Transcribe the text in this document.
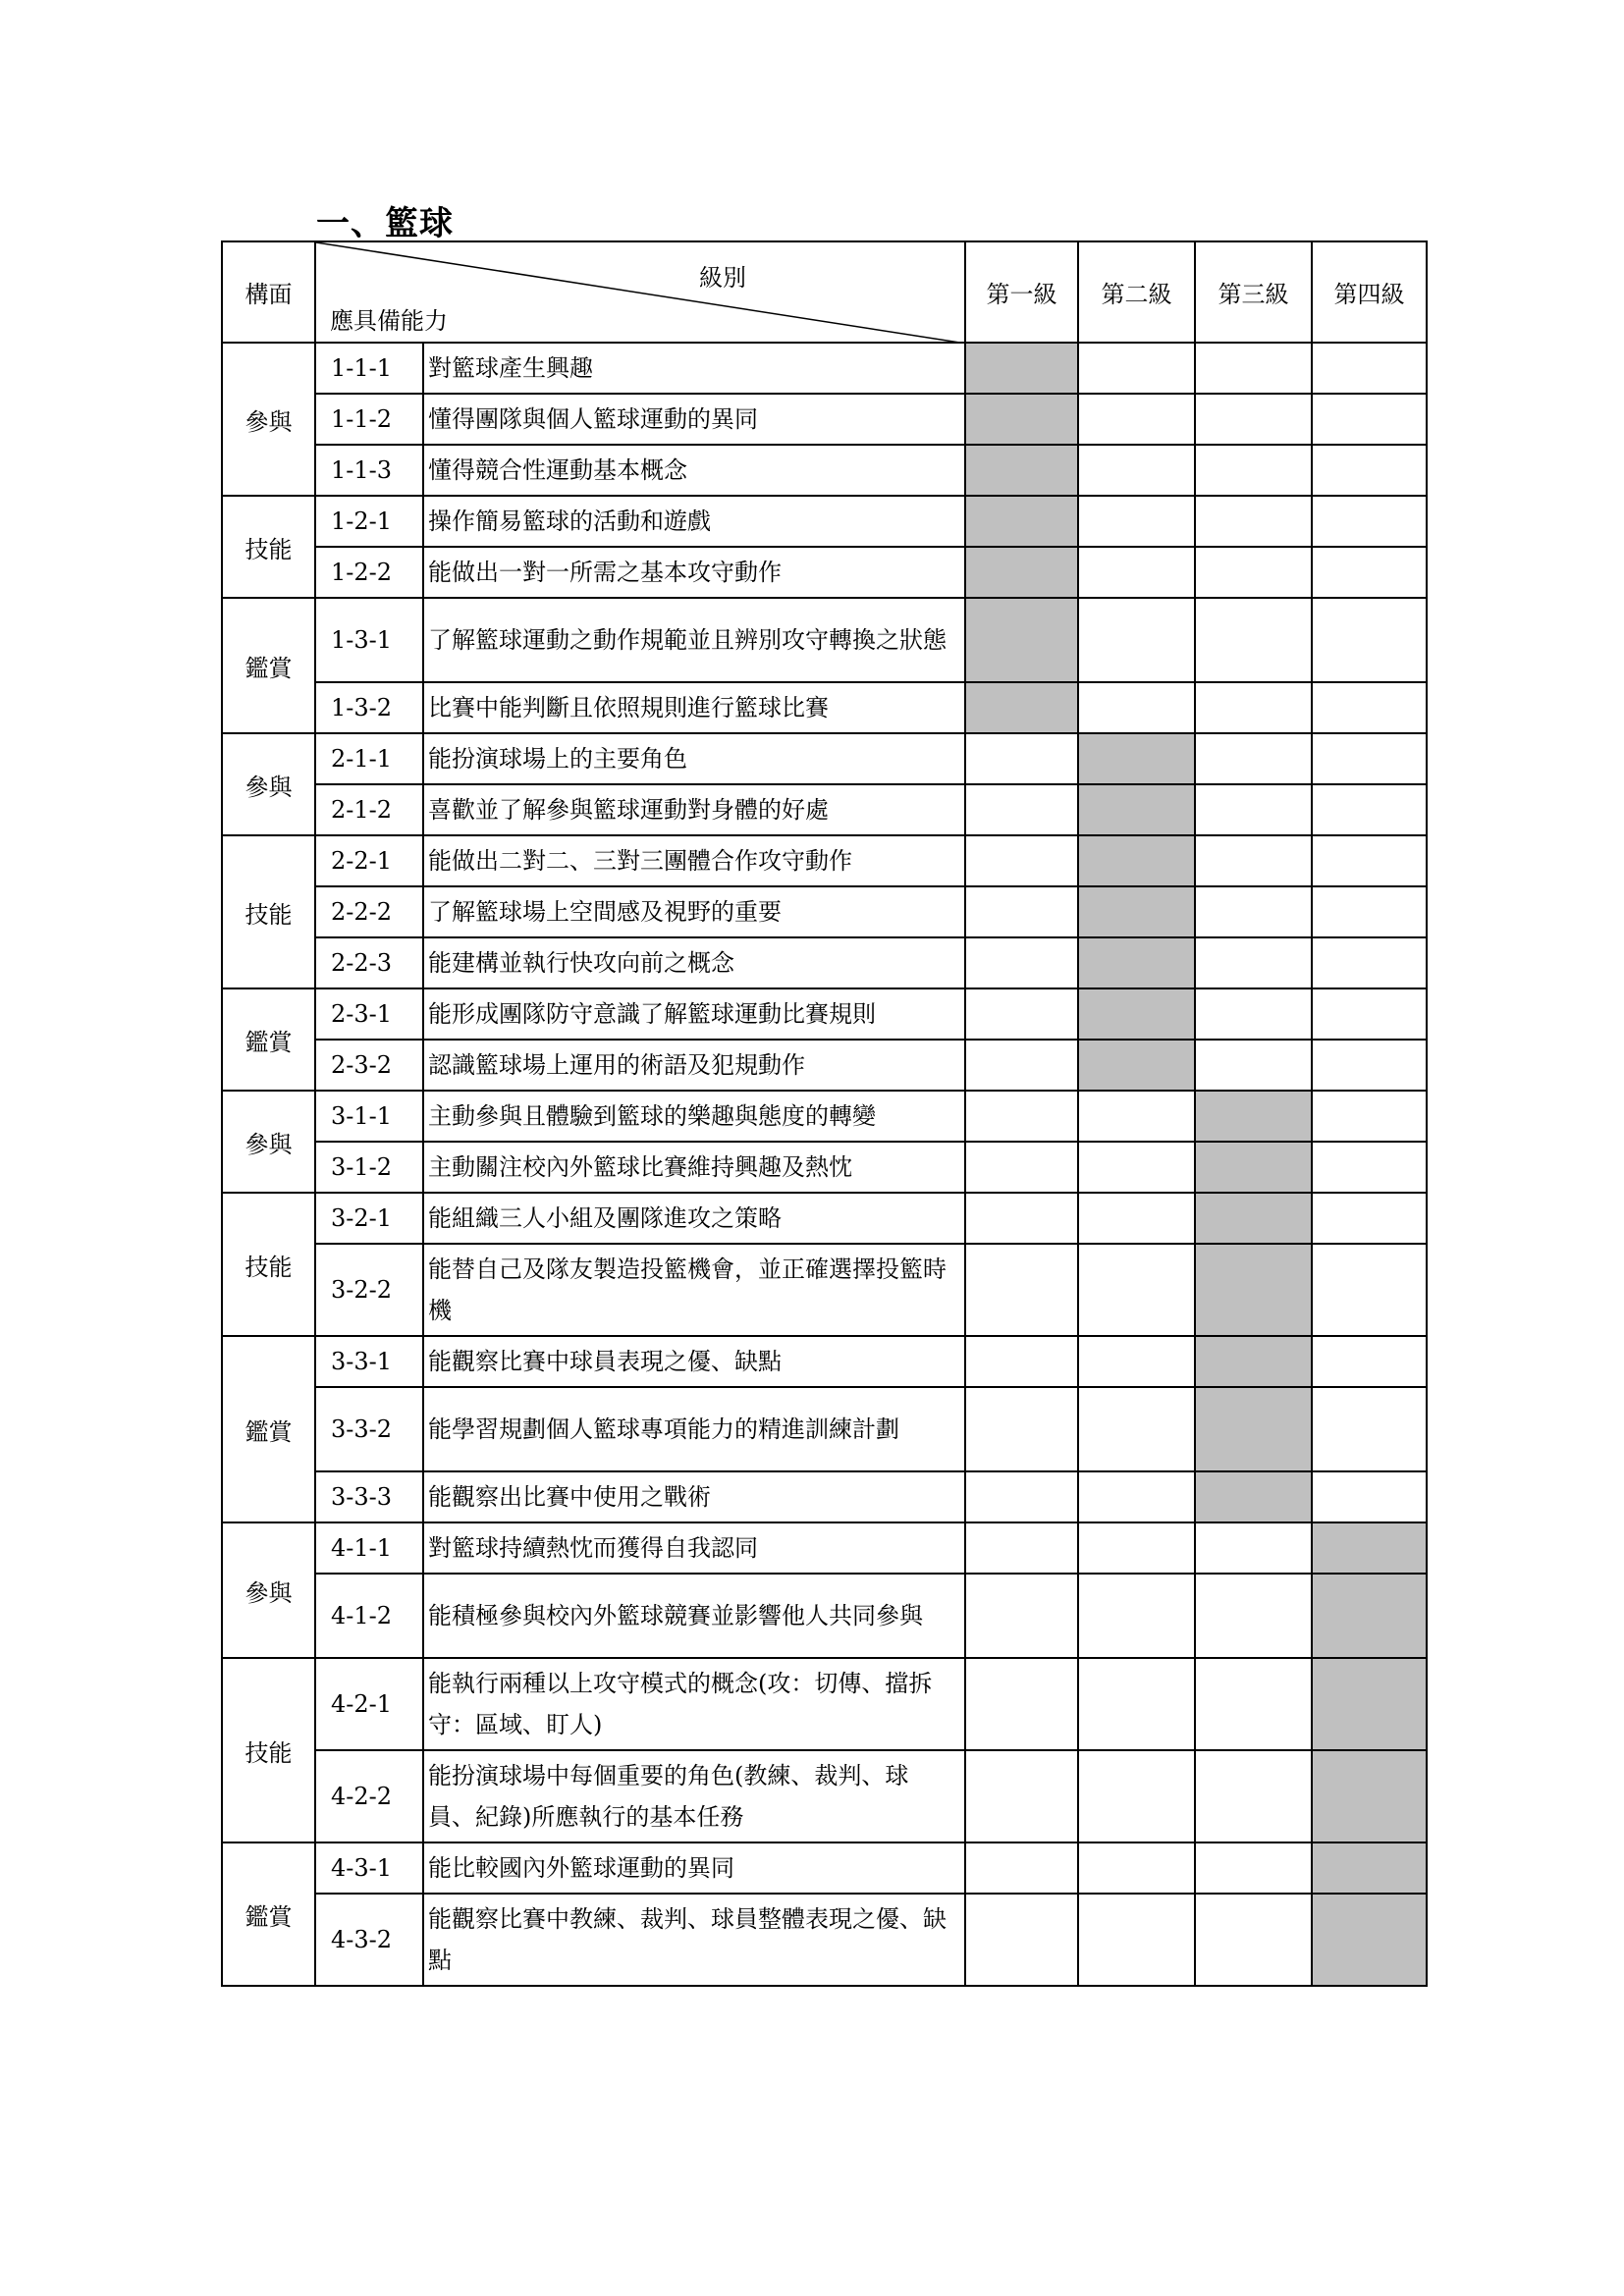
一、籃球
構面	級別
應具備能力		第一級	第二級	第三級	第四級
參與	1-1-1	對籃球產生興趣				
	1-1-2	懂得團隊與個人籃球運動的異同				
	1-1-3	懂得競合性運動基本概念				
技能	1-2-1	操作簡易籃球的活動和遊戲				
	1-2-2	能做出一對一所需之基本攻守動作				
鑑賞	1-3-1	了解籃球運動之動作規範並且辨別攻守轉換之狀態				
	1-3-2	比賽中能判斷且依照規則進行籃球比賽				
參與	2-1-1	能扮演球場上的主要角色				
	2-1-2	喜歡並了解參與籃球運動對身體的好處				
技能	2-2-1	能做出二對二、三對三團體合作攻守動作				
	2-2-2	了解籃球場上空間感及視野的重要				
	2-2-3	能建構並執行快攻向前之概念				
鑑賞	2-3-1	能形成團隊防守意識了解籃球運動比賽規則				
	2-3-2	認識籃球場上運用的術語及犯規動作				
參與	3-1-1	主動參與且體驗到籃球的樂趣與態度的轉變				
	3-1-2	主動關注校內外籃球比賽維持興趣及熱忱				
技能	3-2-1	能組織三人小組及團隊進攻之策略				
	3-2-2	能替自己及隊友製造投籃機會，並正確選擇投籃時機				
鑑賞	3-3-1	能觀察比賽中球員表現之優、缺點				
	3-3-2	能學習規劃個人籃球專項能力的精進訓練計劃				
	3-3-3	能觀察出比賽中使用之戰術				
參與	4-1-1	對籃球持續熱忱而獲得自我認同				
	4-1-2	能積極參與校內外籃球競賽並影響他人共同參與				
技能	4-2-1	能執行兩種以上攻守模式的概念(攻：切傳、擋拆守：區域、盯人)				
	4-2-2	能扮演球場中每個重要的角色(教練、裁判、球員、紀錄)所應執行的基本任務				
鑑賞	4-3-1	能比較國內外籃球運動的異同				
	4-3-2	能觀察比賽中教練、裁判、球員整體表現之優、缺點				
